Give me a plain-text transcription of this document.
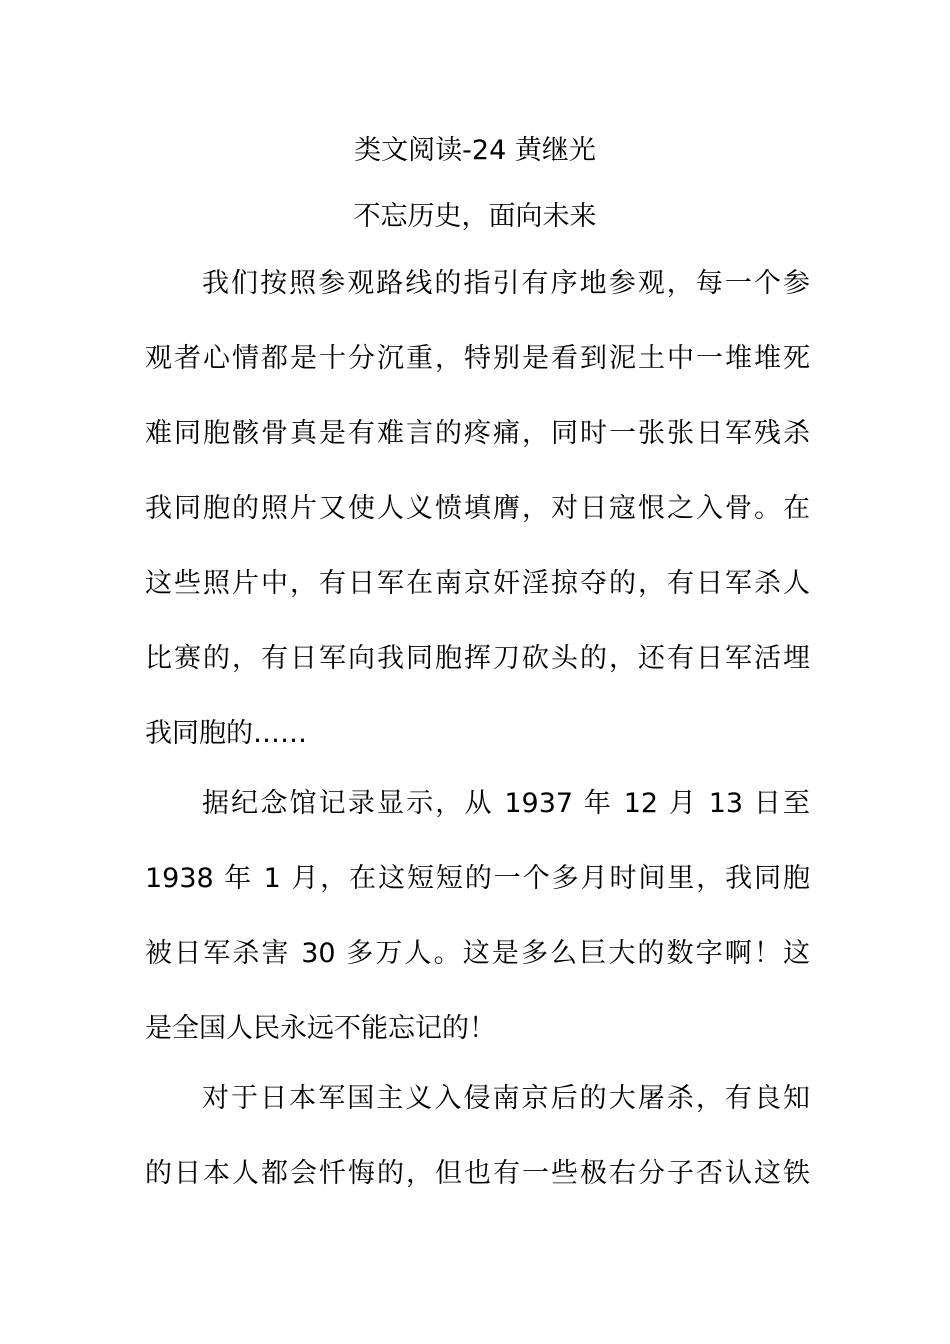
类文阅读-24 黄继光
不忘历史，面向未来
我们按照参观路线的指引有序地参观，每一个参
观者心情都是十分沉重，特别是看到泥土中一堆堆死
难同胞骸骨真是有难言的疼痛，同时一张张日军残杀
我同胞的照片又使人义愤填膺，对日寇恨之入骨。在
这些照片中，有日军在南京奸淫掠夺的，有日军杀人
比赛的，有日军向我同胞挥刀砍头的，还有日军活埋
我同胞的……
据纪念馆记录显示，从 1937 年 12 月 13 日至
1938 年 1 月，在这短短的一个多月时间里，我同胞
被日军杀害 30 多万人。这是多么巨大的数字啊！这
是全国人民永远不能忘记的！
对于日本军国主义入侵南京后的大屠杀，有良知
的日本人都会忏悔的，但也有一些极右分子否认这铁
